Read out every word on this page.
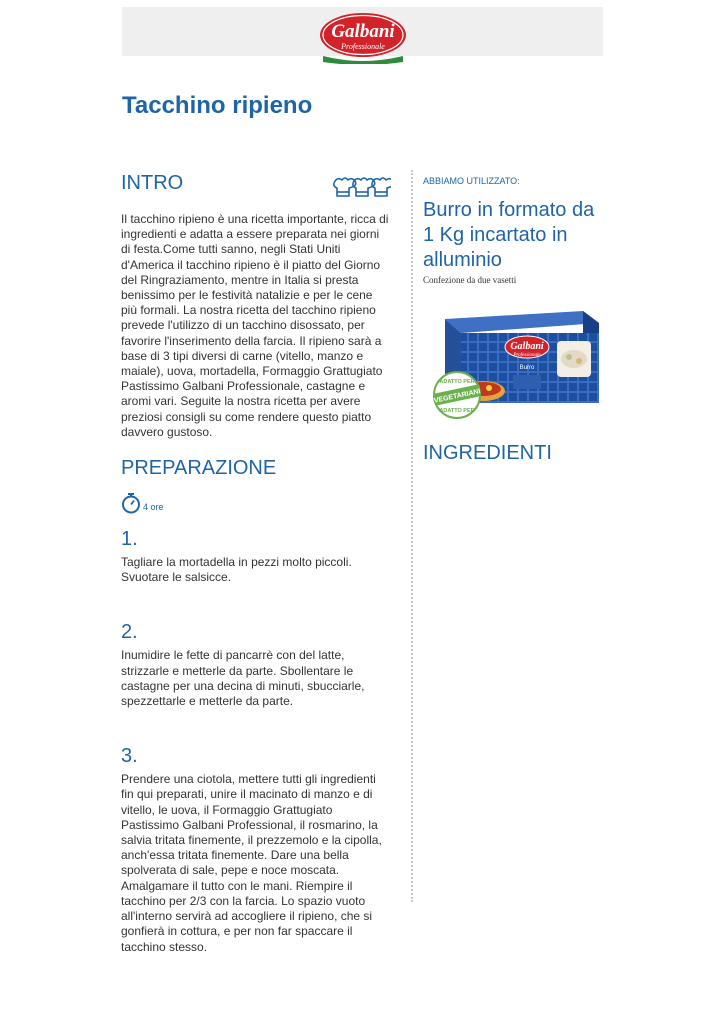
Galbani
Professionale
Tacchino ripieno
INTRO

Il tacchino ripieno è una ricetta importante, ricca di ingredienti e adatta a essere preparata nei giorni di festa.Come tutti sanno, negli Stati Uniti d'America il tacchino ripieno è il piatto del Giorno del Ringraziamento, mentre in Italia si presta benissimo per le festività natalizie e per le cene più formali. La nostra ricetta del tacchino ripieno prevede l'utilizzo di un tacchino disossato, per favorire l'inserimento della farcia. Il ripieno sarà a base di 3 tipi diversi di carne (vitello, manzo e maiale), uova, mortadella, Formaggio Grattugiato Pastissimo Galbani Professionale, castagne e aromi vari. Seguite la nostra ricetta per avere preziosi consigli su come rendere questo piatto davvero gustoso.

PREPARAZIONE
4 ore
1.

Tagliare la mortadella in pezzi molto piccoli. Svuotare le salsicce.

2.

Inumidire le fette di pancarrè con del latte, strizzarle e metterle da parte. Sbollentare le castagne per una decina di minuti, sbucciarle, spezzettarle e metterle da parte.

3.

Prendere una ciotola, mettere tutti gli ingredienti fin qui preparati, unire il macinato di manzo e di vitello, le uova, il Formaggio Grattugiato Pastissimo Galbani Professional, il rosmarino, la salvia tritata finemente, il prezzemolo e la cipolla, anch'essa tritata finemente. Dare una bella spolverata di sale, pepe e noce moscata. Amalgamare il tutto con le mani. Riempire il tacchino per 2/3 con la farcia. Lo spazio vuoto all'interno servirà ad accogliere il ripieno, che si gonfierà in cottura, e per non far spaccare il tacchino stesso.

ABBIAMO UTILIZZATO:

Burro in formato da 1 Kg incartato in alluminio

Confezione da due vasetti

Galbani
Professionale
Burro
ADATTO PER
VEGETARIANI
ADATTO PER
INGREDIENTI
